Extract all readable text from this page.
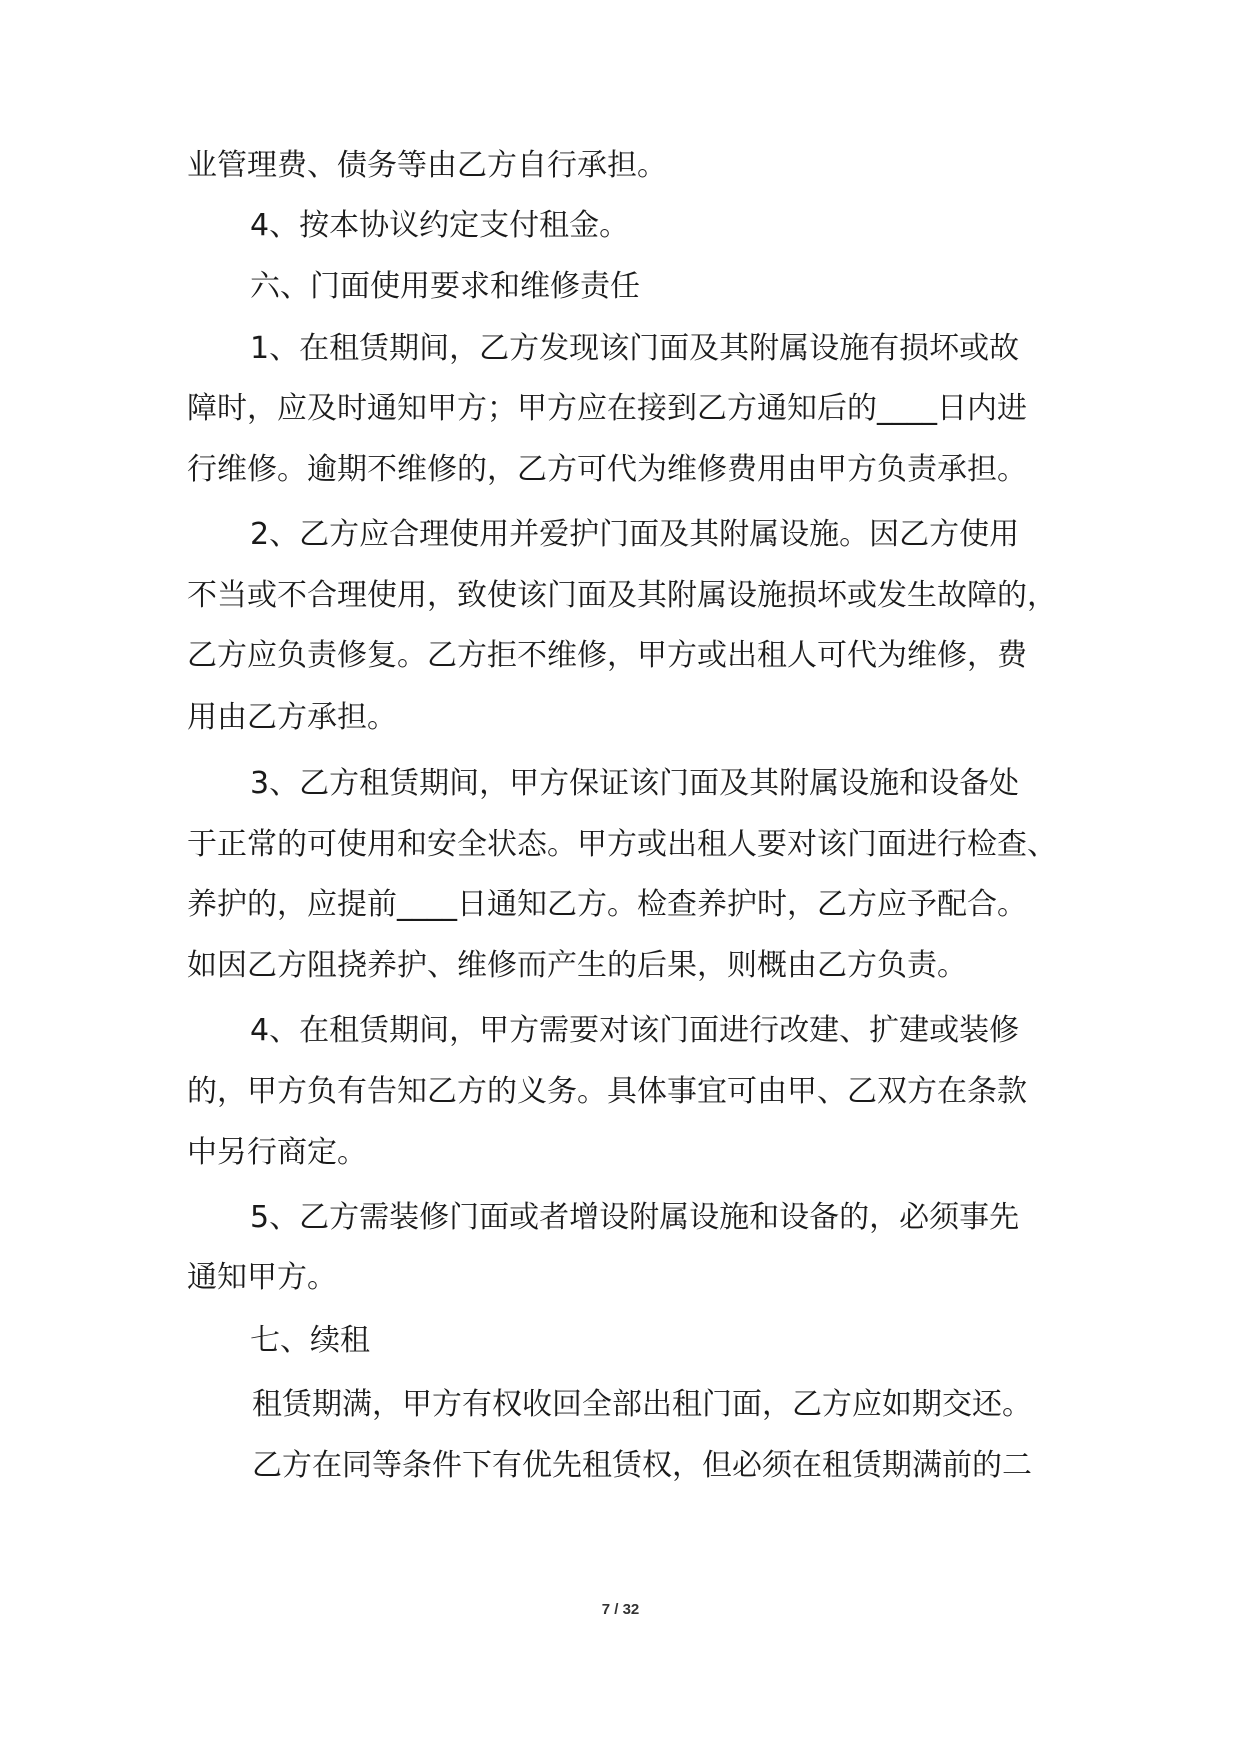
业管理费、债务等由乙方自行承担。
4、按本协议约定支付租金。
六、门面使用要求和维修责任
1、在租赁期间，乙方发现该门面及其附属设施有损坏或故
障时，应及时通知甲方；甲方应在接到乙方通知后的____日内进
行维修。逾期不维修的，乙方可代为维修费用由甲方负责承担。
2、乙方应合理使用并爱护门面及其附属设施。因乙方使用
不当或不合理使用，致使该门面及其附属设施损坏或发生故障的，
乙方应负责修复。乙方拒不维修，甲方或出租人可代为维修，费
用由乙方承担。
3、乙方租赁期间，甲方保证该门面及其附属设施和设备处
于正常的可使用和安全状态。甲方或出租人要对该门面进行检查、
养护的，应提前____日通知乙方。检查养护时，乙方应予配合。
如因乙方阻挠养护、维修而产生的后果，则概由乙方负责。
4、在租赁期间，甲方需要对该门面进行改建、扩建或装修
的，甲方负有告知乙方的义务。具体事宜可由甲、乙双方在条款
中另行商定。
5、乙方需装修门面或者增设附属设施和设备的，必须事先
通知甲方。
七、续租
租赁期满，甲方有权收回全部出租门面，乙方应如期交还。
乙方在同等条件下有优先租赁权，但必须在租赁期满前的二
7 / 32
